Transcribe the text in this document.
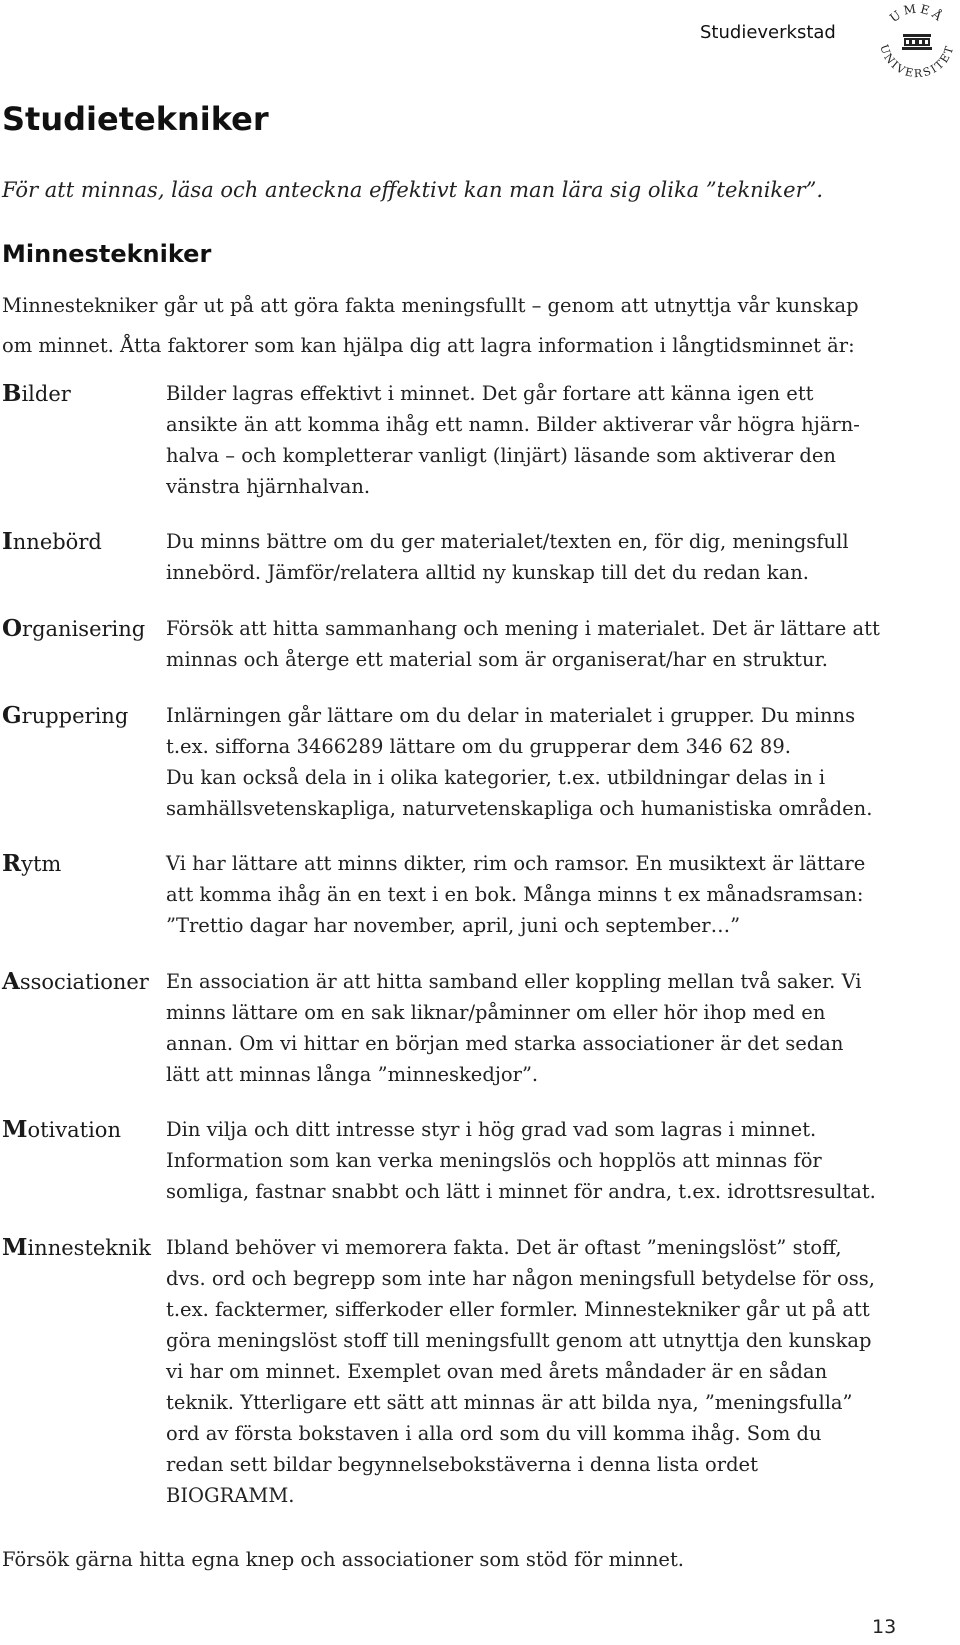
Studieverkstad
UMEÅ
UNIVERSITET
Studietekniker

För att minnas, läsa och anteckna effektivt kan man lära sig olika ”tekniker”.

Minnestekniker
Minnestekniker går ut på att göra fakta meningsfullt – genom att utnyttja vår kunskap
om minnet. Åtta faktorer som kan hjälpa dig att lagra information i långtidsminnet är:
Bilder	Bilder lagras effektivt i minnet. Det går fortare att känna igen ett
ansikte än att komma ihåg ett namn. Bilder aktiverar vår högra hjärn-
halva – och kompletterar vanligt (linjärt) läsande som aktiverar den
vänstra hjärnhalvan.
Innebörd	Du minns bättre om du ger materialet/texten en, för dig, meningsfull
innebörd. Jämför/relatera alltid ny kunskap till det du redan kan.
Organisering Försök att hitta sammanhang och mening i materialet. Det är lättare att
minnas och återge ett material som är organiserat/har en struktur.
Gruppering Inlärningen går lättare om du delar in materialet i grupper. Du minns
t.ex. sifforna 3466289 lättare om du grupperar dem 346 62 89.
Du kan också dela in i olika kategorier, t.ex. utbildningar delas in i
samhällsvetenskapliga, naturvetenskapliga och humanistiska områden.
Rytm	Vi har lättare att minns dikter, rim och ramsor. En musiktext är lättare
att komma ihåg än en text i en bok. Många minns t ex månadsramsan:
”Trettio dagar har november, april, juni och september…”
Associationer En association är att hitta samband eller koppling mellan två saker. Vi
minns lättare om en sak liknar/påminner om eller hör ihop med en
annan. Om vi hittar en början med starka associationer är det sedan
lätt att minnas långa ”minneskedjor”.
Motivation Din vilja och ditt intresse styr i hög grad vad som lagras i minnet.
Information som kan verka meningslös och hopplös att minnas för
somliga, fastnar snabbt och lätt i minnet för andra, t.ex. idrottsresultat.
Minnesteknik Ibland behöver vi memorera fakta. Det är oftast ”meningslöst” stoff,
dvs. ord och begrepp som inte har någon meningsfull betydelse för oss,
t.ex. facktermer, sifferkoder eller formler. Minnestekniker går ut på att
göra meningslöst stoff till meningsfullt genom att utnyttja den kunskap
vi har om minnet. Exemplet ovan med årets måndader är en sådan
teknik. Ytterligare ett sätt att minnas är att bilda nya, ”meningsfulla”
ord av första bokstaven i alla ord som du vill komma ihåg. Som du
redan sett bildar begynnelsebokstäverna i denna lista ordet
BIOGRAMM.

Försök gärna hitta egna knep och associationer som stöd för minnet.

13
